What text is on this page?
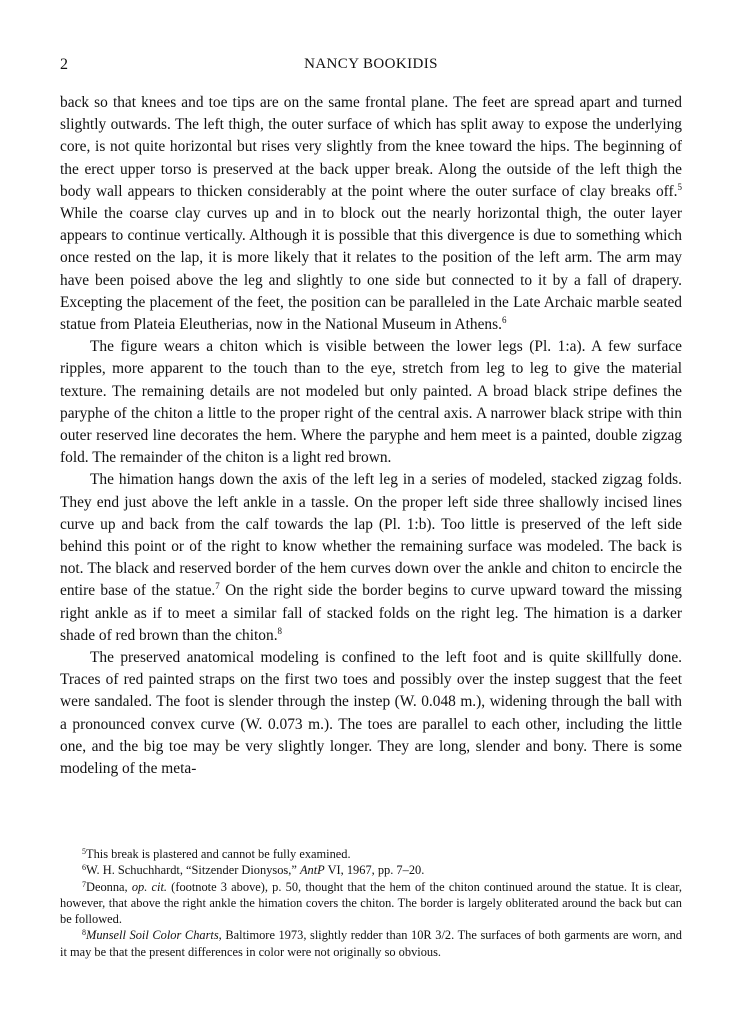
2	NANCY BOOKIDIS

back so that knees and toe tips are on the same frontal plane. The feet are spread apart and turned slightly outwards. The left thigh, the outer surface of which has split away to expose the underlying core, is not quite horizontal but rises very slightly from the knee toward the hips. The beginning of the erect upper torso is preserved at the back upper break. Along the outside of the left thigh the body wall appears to thicken considerably at the point where the outer surface of clay breaks off.$^5$ While the coarse clay curves up and in to block out the nearly horizontal thigh, the outer layer appears to continue vertically. Although it is possible that this divergence is due to something which once rested on the lap, it is more likely that it relates to the position of the left arm. The arm may have been poised above the leg and slightly to one side but connected to it by a fall of drapery. Excepting the placement of the feet, the position can be paralleled in the Late Archaic marble seated statue from Plateia Eleutherias, now in the National Museum in Athens.$^6$

The figure wears a chiton which is visible between the lower legs (Pl. 1:a). A few surface ripples, more apparent to the touch than to the eye, stretch from leg to leg to give the material texture. The remaining details are not modeled but only painted. A broad black stripe defines the paryphe of the chiton a little to the proper right of the central axis. A narrower black stripe with thin outer reserved line decorates the hem. Where the paryphe and hem meet is a painted, double zigzag fold. The remainder of the chiton is a light red brown.

The himation hangs down the axis of the left leg in a series of modeled, stacked zigzag folds. They end just above the left ankle in a tassle. On the proper left side three shallowly incised lines curve up and back from the calf towards the lap (Pl. 1:b). Too little is preserved of the left side behind this point or of the right to know whether the remaining surface was modeled. The back is not. The black and reserved border of the hem curves down over the ankle and chiton to encircle the entire base of the statue.$^7$ On the right side the border begins to curve upward toward the missing right ankle as if to meet a similar fall of stacked folds on the right leg. The himation is a darker shade of red brown than the chiton.$^8$

The preserved anatomical modeling is confined to the left foot and is quite skillfully done. Traces of red painted straps on the first two toes and possibly over the instep suggest that the feet were sandaled. The foot is slender through the instep (W. 0.048 m.), widening through the ball with a pronounced convex curve (W. 0.073 m.). The toes are parallel to each other, including the little one, and the big toe may be very slightly longer. They are long, slender and bony. There is some modeling of the meta-

$^5$This break is plastered and cannot be fully examined.

$^6$W. H. Schuchhardt, “Sitzender Dionysos,” AntP VI, 1967, pp. 7–20.

$^7$Deonna, op. cit. (footnote 3 above), p. 50, thought that the hem of the chiton continued around the statue. It is clear, however, that above the right ankle the himation covers the chiton. The border is largely obliterated around the back but can be followed.

$^8$Munsell Soil Color Charts, Baltimore 1973, slightly redder than 10R 3/2. The surfaces of both garments are worn, and it may be that the present differences in color were not originally so obvious.
